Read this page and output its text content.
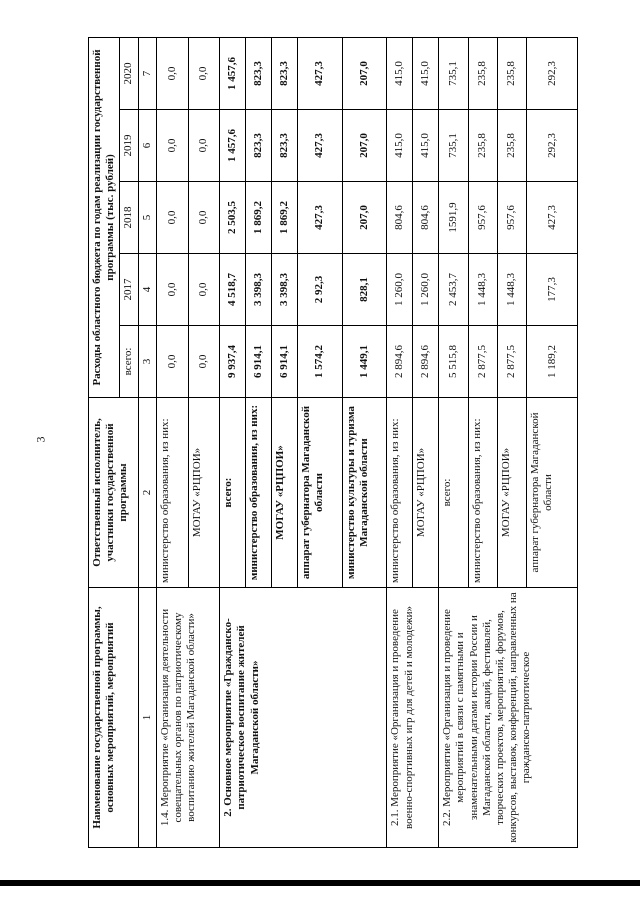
3
Наименование государственной программы, основных мероприятий, мероприятий	Ответственный исполнитель, участники государственной программы	Расходы областного бюджета по годам реализации государственной программы (тыс. рублей)				
		всего:	2017	2018	2019	2020
1	2	3	4	5	6	7
1.4. Мероприятие «Организация деятельности совещательных органов по патриотическому воспитанию жителей Магаданской области»	министерство образования, из них:	0,0	0,0	0,0	0,0	0,0
	МОГАУ «РЦПОИ»	0,0	0,0	0,0	0,0	0,0
2. Основное мероприятие «Гражданско-патриотическое воспитание жителей Магаданской области»	всего:	9 937,4	4 518,7	2 503,5	1 457,6	1 457,6
	министерство образования, из них:	6 914,1	3 398,3	1 869,2	823,3	823,3
	МОГАУ «РЦПОИ»	6 914,1	3 398,3	1 869,2	823,3	823,3
	аппарат губернатора Магаданской области	1 574,2	2 92,3	427,3	427,3	427,3
	министерство культуры и туризма Магаданской области	1 449,1	828,1	207,0	207,0	207,0
2.1. Мероприятие «Организация и проведение военно-спортивных игр для детей и молодежи»	министерство образования, из них:	2 894,6	1 260,0	804,6	415,0	415,0
	МОГАУ «РЦПОИ»	2 894,6	1 260,0	804,6	415,0	415,0
2.2. Мероприятие «Организация и проведение мероприятий в связи с памятными и знаменательными датами истории России и Магаданской области, акций, фестивалей, творческих проектов, мероприятий, форумов, конкурсов, выставок, конференций, направленных на гражданско-патриотическое	всего:	5 515,8	2 453,7	1591,9	735,1	735,1
	министерство образования, из них:	2 877,5	1 448,3	957,6	235,8	235,8
	МОГАУ «РЦПОИ»	2 877,5	1 448,3	957,6	235,8	235,8
	аппарат губернатора Магаданской области	1 189,2	177,3	427,3	292,3	292,3
